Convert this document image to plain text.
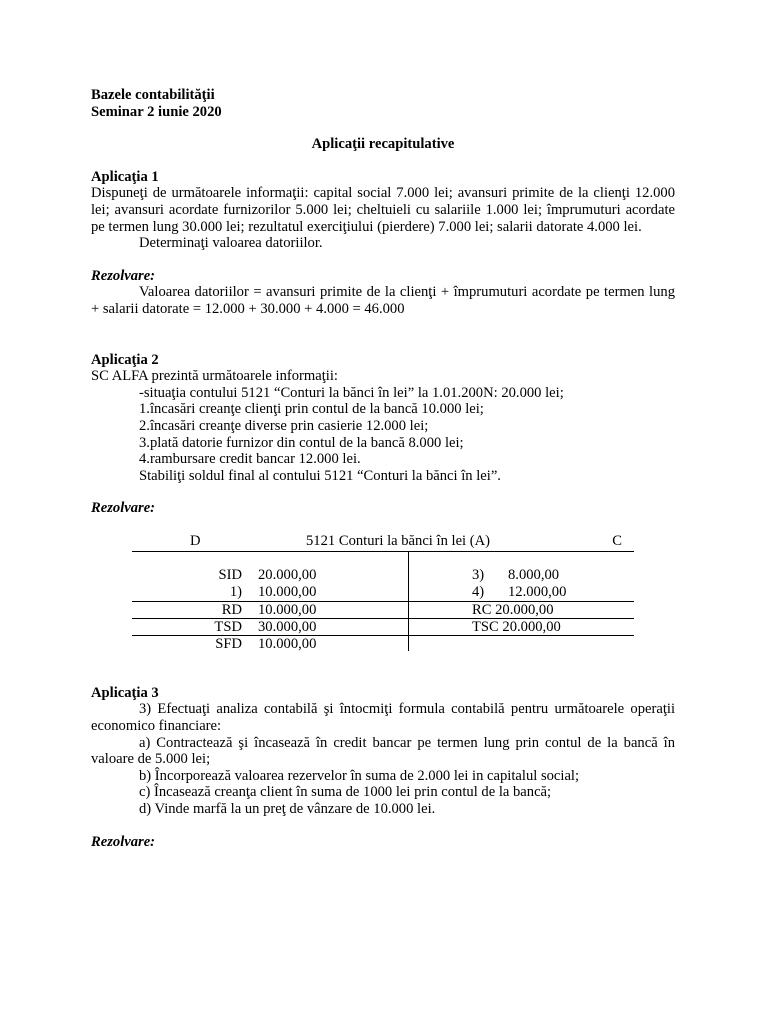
Bazele contabilităţii

Seminar 2 iunie 2020

Aplicaţii recapitulative

Aplicaţia 1

Dispuneţi de următoarele informaţii: capital social 7.000 lei; avansuri primite de la clienţi 12.000 lei; avansuri acordate furnizorilor 5.000 lei; cheltuieli cu salariile 1.000 lei; împrumuturi acordate pe termen lung 30.000 lei; rezultatul exerciţiului (pierdere) 7.000 lei; salarii datorate 4.000 lei.

Determinaţi valoarea datoriilor.

Rezolvare:

Valoarea datoriilor = avansuri primite de la clienţi + împrumuturi acordate pe termen lung + salarii datorate = 12.000 + 30.000 + 4.000 = 46.000

Aplicaţia 2

SC ALFA prezintă următoarele informaţii:

-situaţia contului 5121 “Conturi la bănci în lei” la 1.01.200N: 20.000 lei;

1.încasări creanţe clienţi prin contul de la bancă 10.000 lei;

2.încasări creanţe diverse prin casierie 12.000 lei;

3.plată datorie furnizor din contul de la bancă 8.000 lei;

4.rambursare credit bancar 12.000 lei.

Stabiliţi soldul final al contului 5121 “Conturi la bănci în lei”.

Rezolvare:

D	5121 Conturi la bănci în lei (A)	C
SID 20.000,00	3) 8.000,00
1) 10.000,00	4) 12.000,00
RD 10.000,00	RC 20.000,00
TSD 30.000,00	TSC 20.000,00
SFD 10.000,00

Aplicaţia 3

3) Efectuaţi analiza contabilă şi întocmiţi formula contabilă pentru următoarele operaţii economico financiare:

a) Contractează şi încasează în credit bancar pe termen lung prin contul de la bancă în valoare de 5.000 lei;

b) Încorporează valoarea rezervelor în suma de 2.000 lei in capitalul social;

c) Încasează creanţa client în suma de 1000 lei prin contul de la bancă;

d) Vinde marfă la un preţ de vânzare de 10.000 lei.

Rezolvare:
